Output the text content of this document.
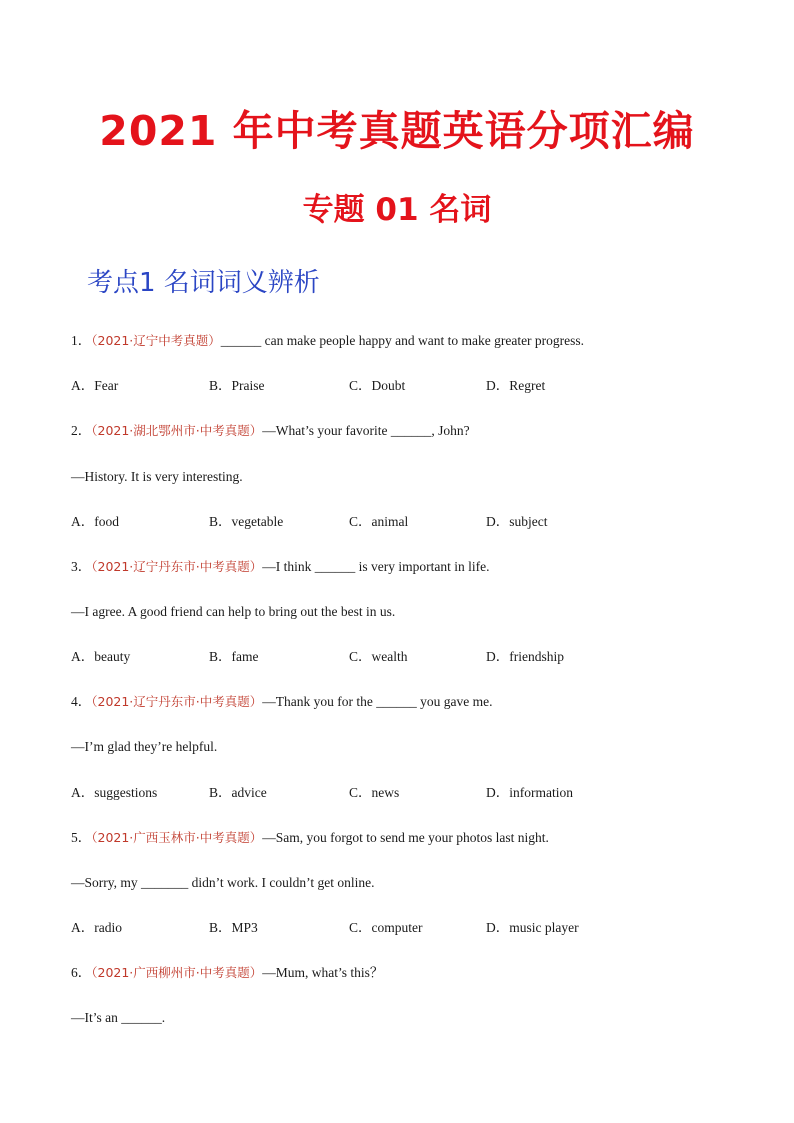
2021 年中考真题英语分项汇编
专题 01 名词
考点1 名词词义辨析
1．（2021·辽宁中考真题）______ can make people happy and want to make greater progress.
A．Fear	B．Praise	C．Doubt	D．Regret
2．（2021·湖北鄂州市·中考真题）—What’s your favorite ______, John?
—History. It is very interesting.
A．food	B．vegetable	C．animal	D．subject
3．（2021·辽宁丹东市·中考真题）—I think ______ is very important in life.
—I agree. A good friend can help to bring out the best in us.
A．beauty	B．fame	C．wealth	D．friendship
4．（2021·辽宁丹东市·中考真题）—Thank you for the ______ you gave me.
—I’m glad they’re helpful.
A．suggestions	B．advice	C．news	D．information
5．（2021·广西玉林市·中考真题）—Sam, you forgot to send me your photos last night.
—Sorry, my _______ didn’t work. I couldn’t get online.
A．radio	B．MP3	C．computer	D．music player
6．（2021·广西柳州市·中考真题）—Mum, what’s this？
—It’s an ______.
